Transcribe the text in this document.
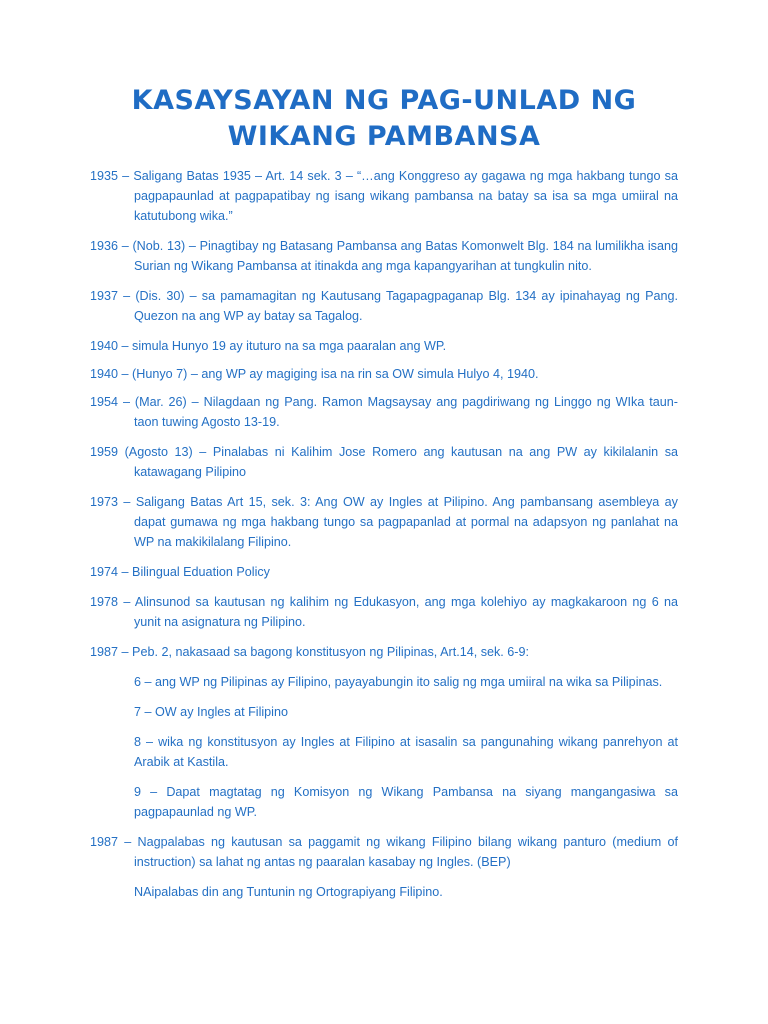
KASAYSAYAN NG PAG-UNLAD NG
WIKANG PAMBANSA

1935 – Saligang Batas 1935 – Art. 14 sek. 3 – “…ang Konggreso ay gagawa ng mga hakbang tungo sa pagpapaunlad at pagpapatibay ng isang wikang pambansa na batay sa isa sa mga umiiral na katutubong wika.”

1936 – (Nob. 13) – Pinagtibay ng Batasang Pambansa ang Batas Komonwelt Blg. 184 na lumilikha isang Surian ng Wikang Pambansa at itinakda ang mga kapangyarihan at tungkulin nito.

1937 – (Dis. 30) – sa pamamagitan ng Kautusang Tagapagpaganap Blg. 134 ay ipinahayag ng Pang. Quezon na ang WP ay batay sa Tagalog.

1940 – simula Hunyo 19 ay ituturo na sa mga paaralan ang WP.

1940 – (Hunyo 7) – ang WP ay magiging isa na rin sa OW simula Hulyo 4, 1940.

1954 – (Mar. 26) – Nilagdaan ng Pang. Ramon Magsaysay ang pagdiriwang ng Linggo ng WIka taun-taon tuwing Agosto 13-19.

1959 (Agosto 13) – Pinalabas ni Kalihim Jose Romero ang kautusan na ang PW ay kikilalanin sa katawagang Pilipino

1973 – Saligang Batas Art 15, sek. 3: Ang OW ay Ingles at Pilipino. Ang pambansang asembleya ay dapat gumawa ng mga hakbang tungo sa pagpapanlad at pormal na adapsyon ng panlahat na WP na makikilalang Filipino.

1974 – Bilingual Eduation Policy

1978 – Alinsunod sa kautusan ng kalihim ng Edukasyon, ang mga kolehiyo ay magkakaroon ng 6 na yunit na asignatura ng Pilipino.

1987 – Peb. 2, nakasaad sa bagong konstitusyon ng Pilipinas, Art.14, sek. 6-9:

6 – ang WP ng Pilipinas ay Filipino, payayabungin ito salig ng mga umiiral na wika sa Pilipinas.

7 – OW ay Ingles at Filipino

8 – wika ng konstitusyon ay Ingles at Filipino at isasalin sa pangunahing wikang panrehyon at Arabik at Kastila.

9 – Dapat magtatag ng Komisyon ng Wikang Pambansa na siyang mangangasiwa sa pagpapaunlad ng WP.

1987 – Nagpalabas ng kautusan sa paggamit ng wikang Filipino bilang wikang panturo (medium of instruction) sa lahat ng antas ng paaralan kasabay ng Ingles. (BEP)

NAipalabas din ang Tuntunin ng Ortograpiyang Filipino.
